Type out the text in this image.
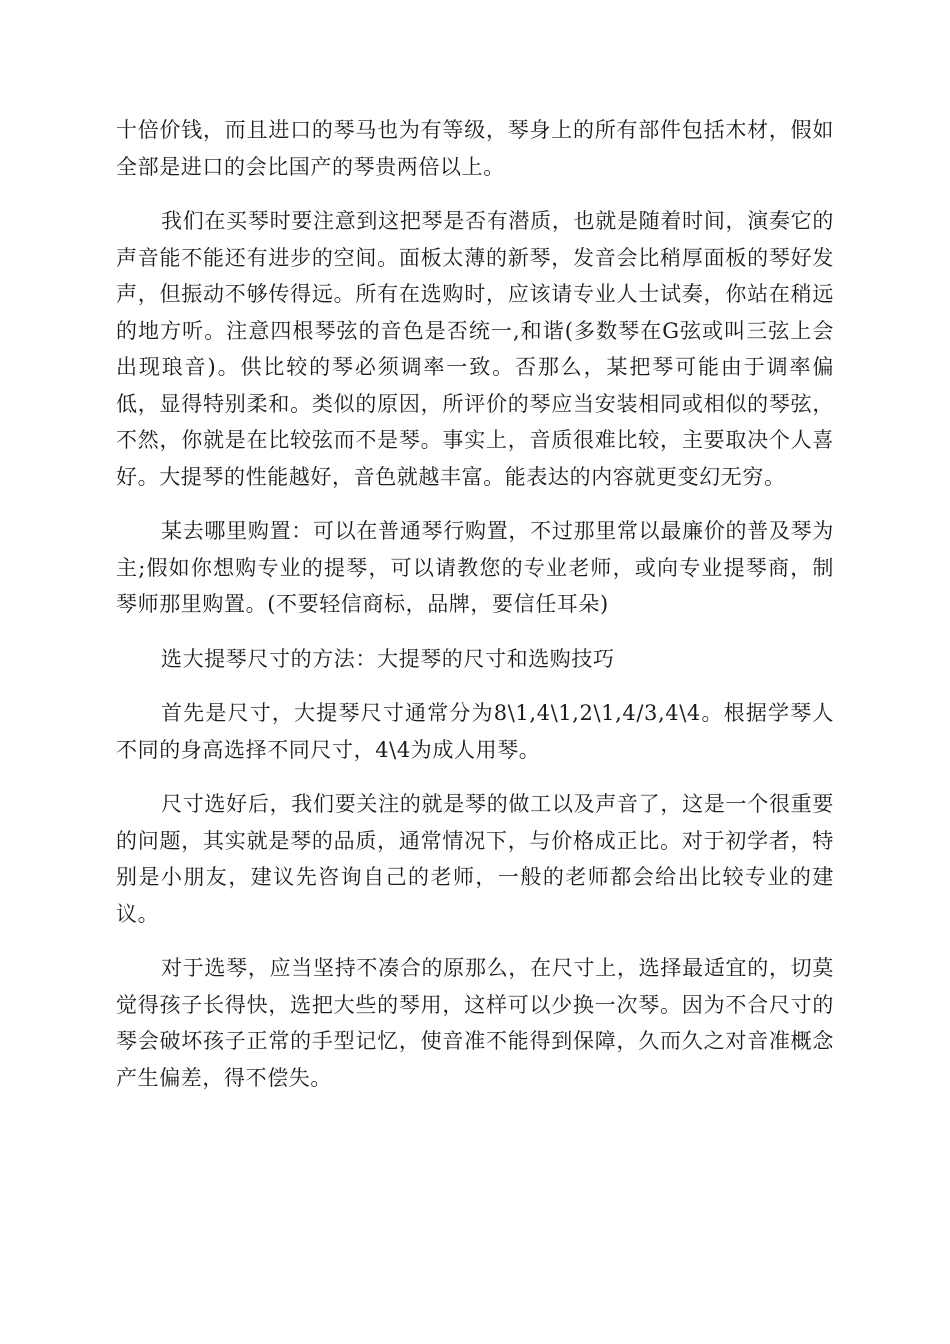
十倍价钱，而且进口的琴马也为有等级，琴身上的所有部件包括木材，假如全部是进口的会比国产的琴贵两倍以上。

我们在买琴时要注意到这把琴是否有潜质，也就是随着时间，演奏它的声音能不能还有进步的空间。面板太薄的新琴，发音会比稍厚面板的琴好发声，但振动不够传得远。所有在选购时，应该请专业人士试奏，你站在稍远的地方听。注意四根琴弦的音色是否统一,和谐(多数琴在G弦或叫三弦上会出现琅音)。供比较的琴必须调率一致。否那么，某把琴可能由于调率偏低，显得特别柔和。类似的原因，所评价的琴应当安装相同或相似的琴弦，不然，你就是在比较弦而不是琴。事实上，音质很难比较，主要取决个人喜好。大提琴的性能越好，音色就越丰富。能表达的内容就更变幻无穷。

某去哪里购置：可以在普通琴行购置，不过那里常以最廉价的普及琴为主;假如你想购专业的提琴，可以请教您的专业老师，或向专业提琴商，制琴师那里购置。(不要轻信商标，品牌，要信任耳朵)

选大提琴尺寸的方法：大提琴的尺寸和选购技巧

首先是尺寸，大提琴尺寸通常分为8\1,4\1,2\1,4/3,4\4。根据学琴人不同的身高选择不同尺寸，4\4为成人用琴。

尺寸选好后，我们要关注的就是琴的做工以及声音了，这是一个很重要的问题，其实就是琴的品质，通常情况下，与价格成正比。对于初学者，特别是小朋友，建议先咨询自己的老师，一般的老师都会给出比较专业的建议。

对于选琴，应当坚持不凑合的原那么，在尺寸上，选择最适宜的，切莫觉得孩子长得快，选把大些的琴用，这样可以少换一次琴。因为不合尺寸的琴会破坏孩子正常的手型记忆，使音准不能得到保障，久而久之对音准概念产生偏差，得不偿失。
